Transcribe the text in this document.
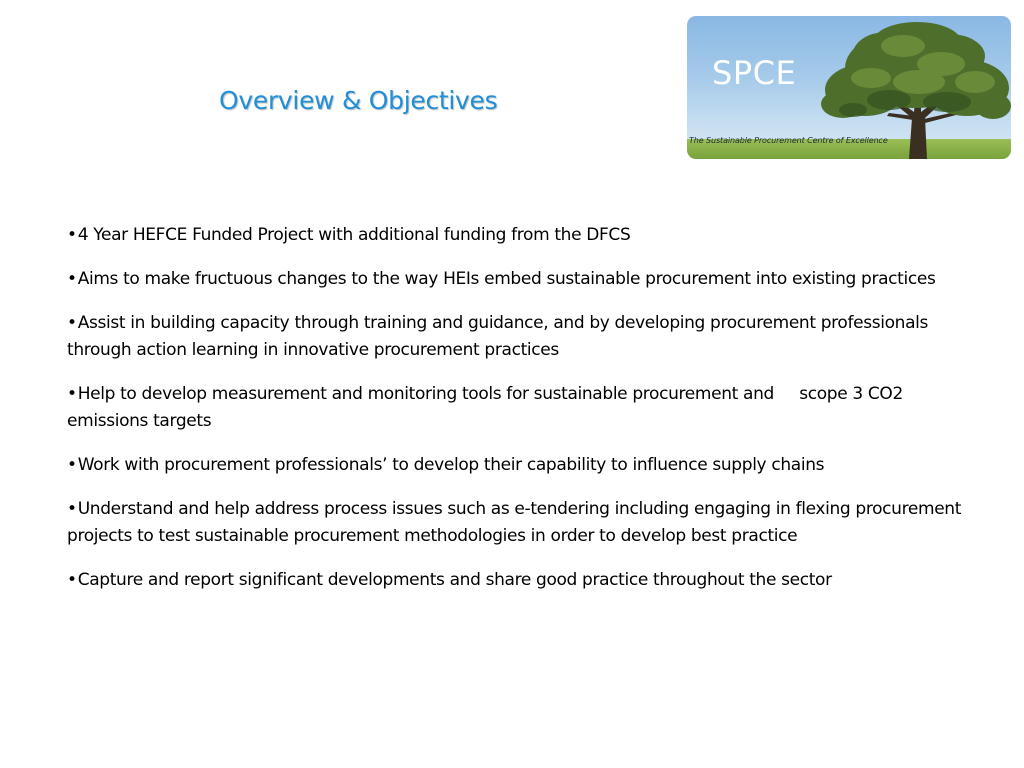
Overview & Objectives
SPCE
The Sustainable Procurement Centre of Excellence
•4 Year HEFCE Funded Project with additional funding from the DFCS
•Aims to make fructuous changes to the way HEIs embed sustainable procurement into existing practices
•Assist in building capacity through training and guidance, and by developing procurement professionals through action learning in innovative procurement practices
•Help to develop measurement and monitoring tools for sustainable procurement and     scope 3 CO2 emissions targets
•Work with procurement professionals’ to develop their capability to influence supply chains
•Understand and help address process issues such as e-tendering including engaging in flexing procurement projects to test sustainable procurement methodologies in order to develop best practice
•Capture and report significant developments and share good practice throughout the sector
